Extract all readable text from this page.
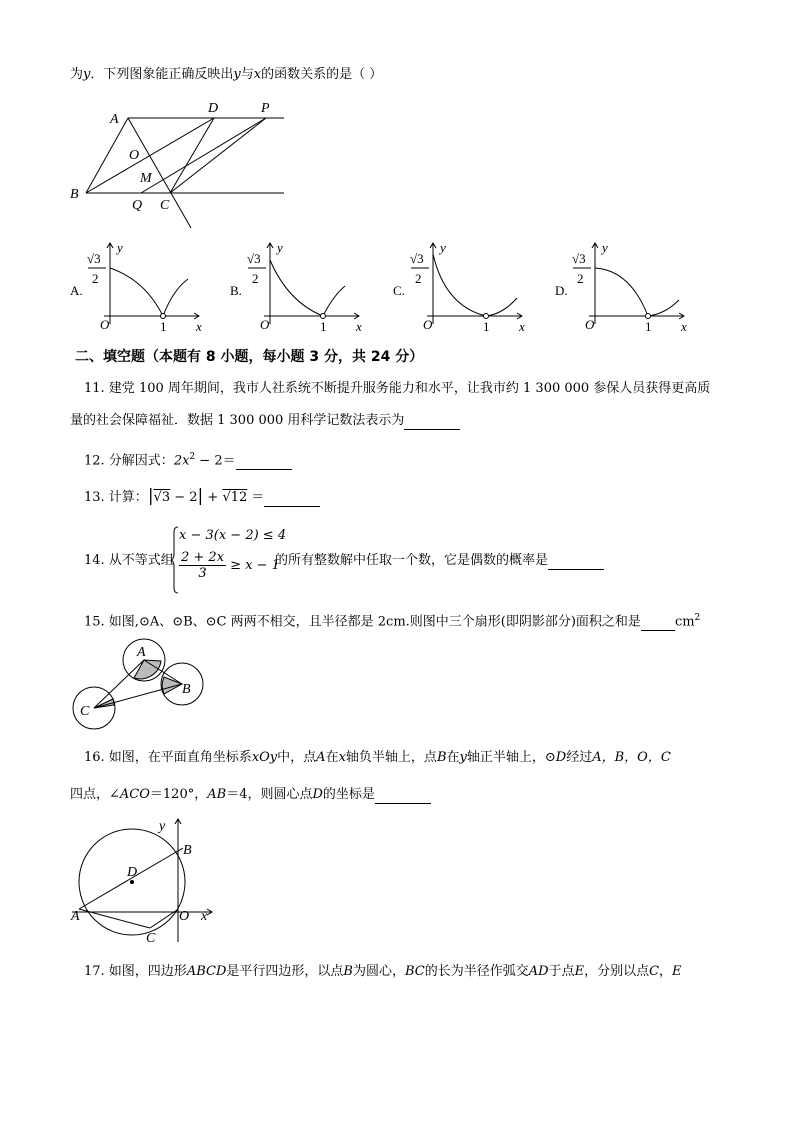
为y．下列图象能正确反映出y与x的函数关系的是（ ）
A
D	P
O
M
B
Q C
A.
√3
2
y
O	1 x
B.
√3
2
y
O	1 x
C.
√3
2
y
O	1 x
D.
√3
2
y
O	1 x
二、填空题（本题有 8 小题，每小题 3 分，共 24 分）
11. 建党 100 周年期间，我市人社系统不断提升服务能力和水平，让我市约 1 300 000 参保人员获得更高质
量的社会保障福祉．数据 1 300 000 用科学记数法表示为
12. 分解因式：$2x^2 - 2=$
13. 计算：|√3 − 2| + √12 ＝
14. 从不等式组
x − 3(x − 2) ≤ 4
$\frac{2 + 2x}{3} \ge x - 1$
的所有整数解中任取一个数，它是偶数的概率是
15. 如图,⊙A、⊙B、⊙C 两两不相交，且半径都是 2cm.则图中三个扇形(即阴影部分)面积之和是	$cm^2$
A
B
C
16. 如图，在平面直角坐标系xOy中，点A在x轴负半轴上，点B在y轴正半轴上，⊙D经过A，B，O，C
四点，∠ACO＝120°，AB＝4，则圆心点D的坐标是
y
B
D
A	O x
C
17. 如图，四边形ABCD是平行四边形，以点B为圆心，BC的长为半径作弧交AD于点E，分别以点C，E
